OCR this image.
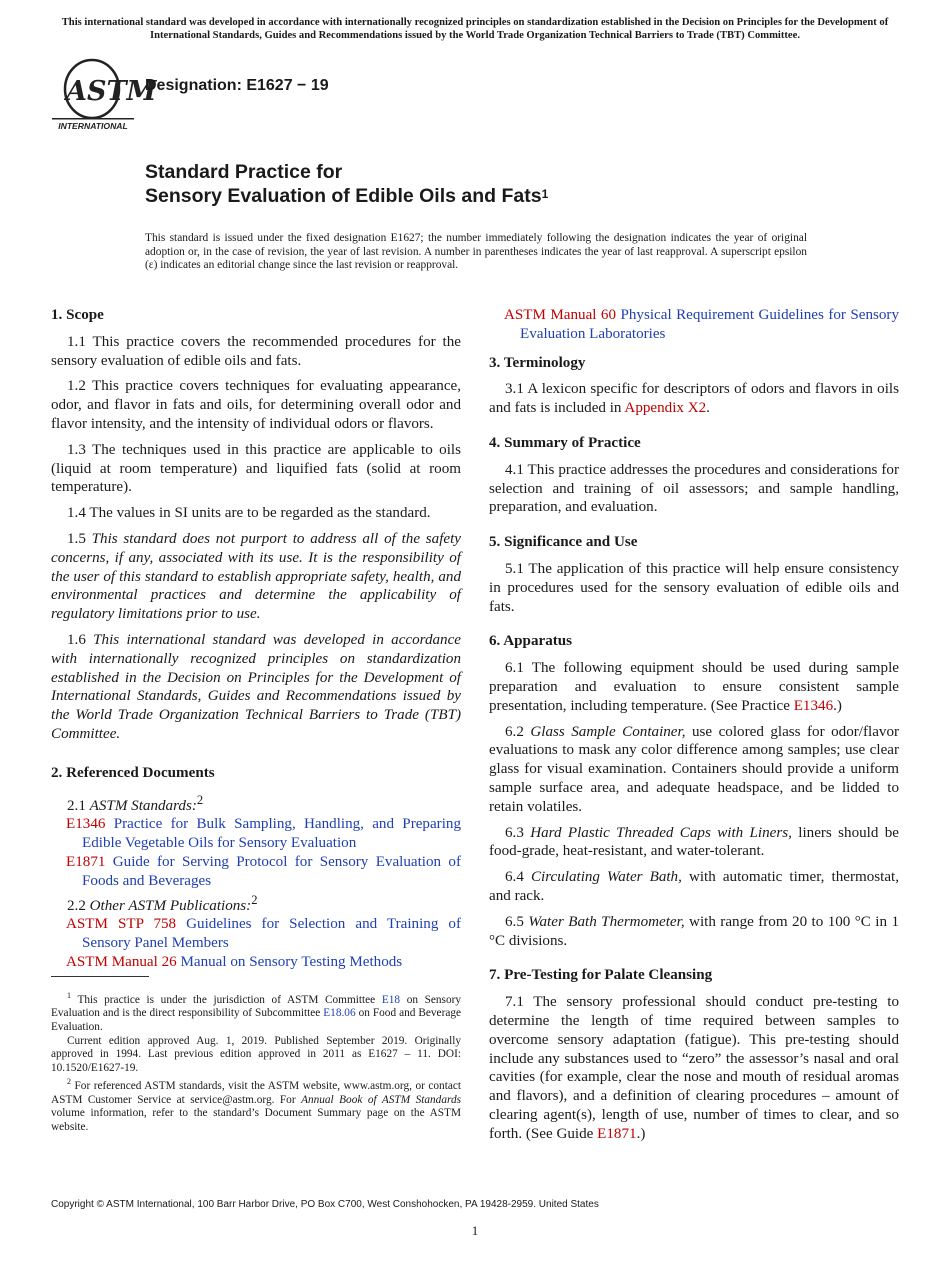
This international standard was developed in accordance with internationally recognized principles on standardization established in the Decision on Principles for the Development of International Standards, Guides and Recommendations issued by the World Trade Organization Technical Barriers to Trade (TBT) Committee.
ASTM
INTERNATIONAL
Designation: E1627 − 19
Standard Practice for
Sensory Evaluation of Edible Oils and Fats$^1$
This standard is issued under the fixed designation E1627; the number immediately following the designation indicates the year of original adoption or, in the case of revision, the year of last revision. A number in parentheses indicates the year of last reapproval. A superscript epsilon (ε) indicates an editorial change since the last revision or reapproval.
1. Scope
1.1 This practice covers the recommended procedures for the sensory evaluation of edible oils and fats.
1.2 This practice covers techniques for evaluating appearance, odor, and flavor in fats and oils, for determining overall odor and flavor intensity, and the intensity of individual odors or flavors.
1.3 The techniques used in this practice are applicable to oils (liquid at room temperature) and liquified fats (solid at room temperature).
1.4 The values in SI units are to be regarded as the standard.
1.5 This standard does not purport to address all of the safety concerns, if any, associated with its use. It is the responsibility of the user of this standard to establish appropriate safety, health, and environmental practices and determine the applicability of regulatory limitations prior to use.
1.6 This international standard was developed in accordance with internationally recognized principles on standardization established in the Decision on Principles for the Development of International Standards, Guides and Recommendations issued by the World Trade Organization Technical Barriers to Trade (TBT) Committee.
2. Referenced Documents
2.1 ASTM Standards:$^2$
E1346 Practice for Bulk Sampling, Handling, and Preparing Edible Vegetable Oils for Sensory Evaluation
E1871 Guide for Serving Protocol for Sensory Evaluation of Foods and Beverages
2.2 Other ASTM Publications:$^2$
ASTM STP 758 Guidelines for Selection and Training of Sensory Panel Members
ASTM Manual 26 Manual on Sensory Testing Methods
ASTM Manual 60 Physical Requirement Guidelines for Sensory Evaluation Laboratories
3. Terminology
3.1 A lexicon specific for descriptors of odors and flavors in oils and fats is included in Appendix X2.
4. Summary of Practice
4.1 This practice addresses the procedures and considerations for selection and training of oil assessors; and sample handling, preparation, and evaluation.
5. Significance and Use
5.1 The application of this practice will help ensure consistency in procedures used for the sensory evaluation of edible oils and fats.
6. Apparatus
6.1 The following equipment should be used during sample preparation and evaluation to ensure consistent sample presentation, including temperature. (See Practice E1346.)
6.2 Glass Sample Container, use colored glass for odor/flavor evaluations to mask any color difference among samples; use clear glass for visual examination. Containers should provide a uniform sample surface area, and adequate headspace, and be lidded to retain volatiles.
6.3 Hard Plastic Threaded Caps with Liners, liners should be food-grade, heat-resistant, and water-tolerant.
6.4 Circulating Water Bath, with automatic timer, thermostat, and rack.
6.5 Water Bath Thermometer, with range from 20 to 100 °C in 1 °C divisions.
7. Pre-Testing for Palate Cleansing
7.1 The sensory professional should conduct pre-testing to determine the length of time required between samples to overcome sensory adaptation (fatigue). This pre-testing should include any substances used to “zero” the assessor’s nasal and oral cavities (for example, clear the nose and mouth of residual aromas and flavors), and a definition of clearing procedures – amount of clearing agent(s), length of use, number of times to clear, and so forth. (See Guide E1871.)

$^1$ This practice is under the jurisdiction of ASTM Committee E18 on Sensory Evaluation and is the direct responsibility of Subcommittee E18.06 on Food and Beverage Evaluation.

Current edition approved Aug. 1, 2019. Published September 2019. Originally approved in 1994. Last previous edition approved in 2011 as E1627 – 11. DOI: 10.1520/E1627-19.

$^2$ For referenced ASTM standards, visit the ASTM website, www.astm.org, or contact ASTM Customer Service at service@astm.org. For Annual Book of ASTM Standards volume information, refer to the standard’s Document Summary page on the ASTM website.

Copyright © ASTM International, 100 Barr Harbor Drive, PO Box C700, West Conshohocken, PA 19428-2959. United States
1
